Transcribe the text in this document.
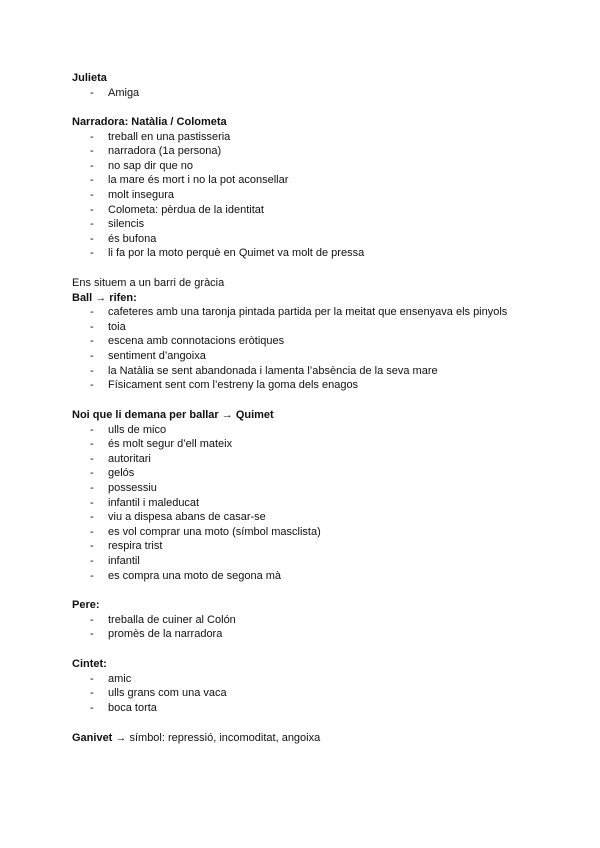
Julieta
- Amiga
Narradora: Natàlia / Colometa
- treball en una pastisseria
- narradora (1a persona)
- no sap dir que no
- la mare és mort i no la pot aconsellar
- molt insegura
- Colometa: pèrdua de la identitat
- silencis
- és bufona
- li fa por la moto perquè en Quimet va molt de pressa
Ens situem a un barri de gràcia
Ball → rifen:
- cafeteres amb una taronja pintada partida per la meitat que ensenyava els pinyols
- toia
- escena amb connotacions eròtiques
- sentiment d’angoixa
- la Natàlia se sent abandonada i lamenta l’absència de la seva mare
- Físicament sent com l’estreny la goma dels enagos
Noi que li demana per ballar → Quimet
- ulls de mico
- és molt segur d’ell mateix
- autoritari
- gelós
- possessiu
- infantil i maleducat
- viu a dispesa abans de casar-se
- es vol comprar una moto (símbol masclista)
- respira trist
- infantil
- es compra una moto de segona mà
Pere:
- treballa de cuiner al Colón
- promès de la narradora
Cintet:
- amic
- ulls grans com una vaca
- boca torta
Ganivet → símbol: repressió, incomoditat, angoixa
